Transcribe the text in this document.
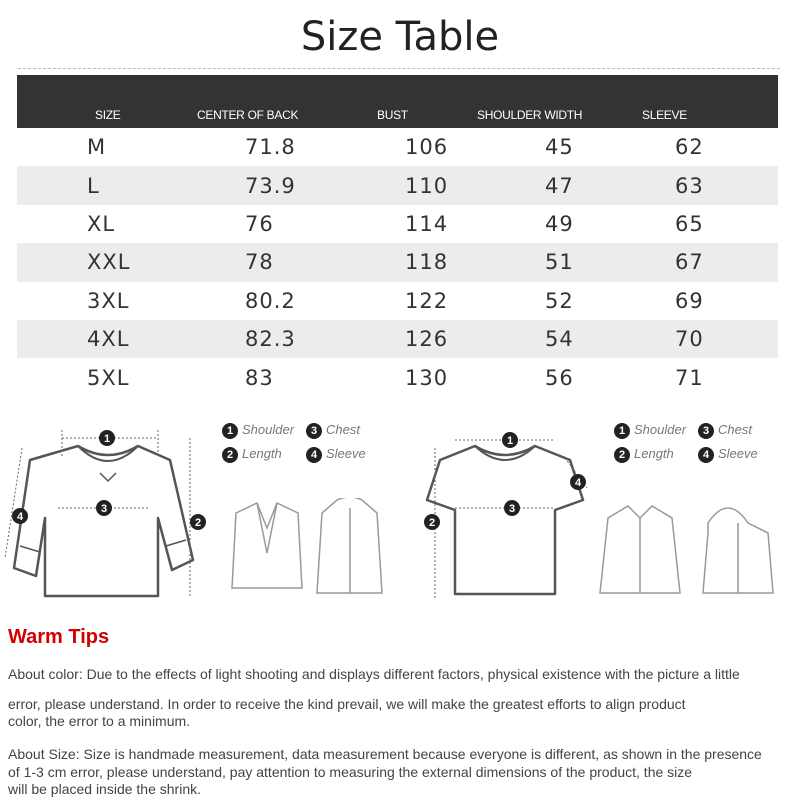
Size Table
SIZE	CENTER OF BACK	BUST	SHOULDER WIDTH	SLEEVE
M	71.8	106	45	62
L	73.9	110	47	63
XL	76	114	49	65
XXL	78	118	51	67
3XL	80.2	122	52	69
4XL	82.3	126	54	70
5XL	83	130	56	71
1
3
2
4
1 Shoulder 3 Chest
2 Length	4 Sleeve
1
3
2
4
1 Shoulder 3 Chest
2 Length	4 Sleeve
Warm Tips
About color: Due to the effects of light shooting and displays different factors, physical existence with the picture a little
error, please understand. In order to receive the kind prevail, we will make the greatest efforts to align product
color, the error to a minimum.
About Size: Size is handmade measurement, data measurement because everyone is different, as shown in the presence
of 1-3 cm error, please understand, pay attention to measuring the external dimensions of the product, the size
will be placed inside the shrink.
